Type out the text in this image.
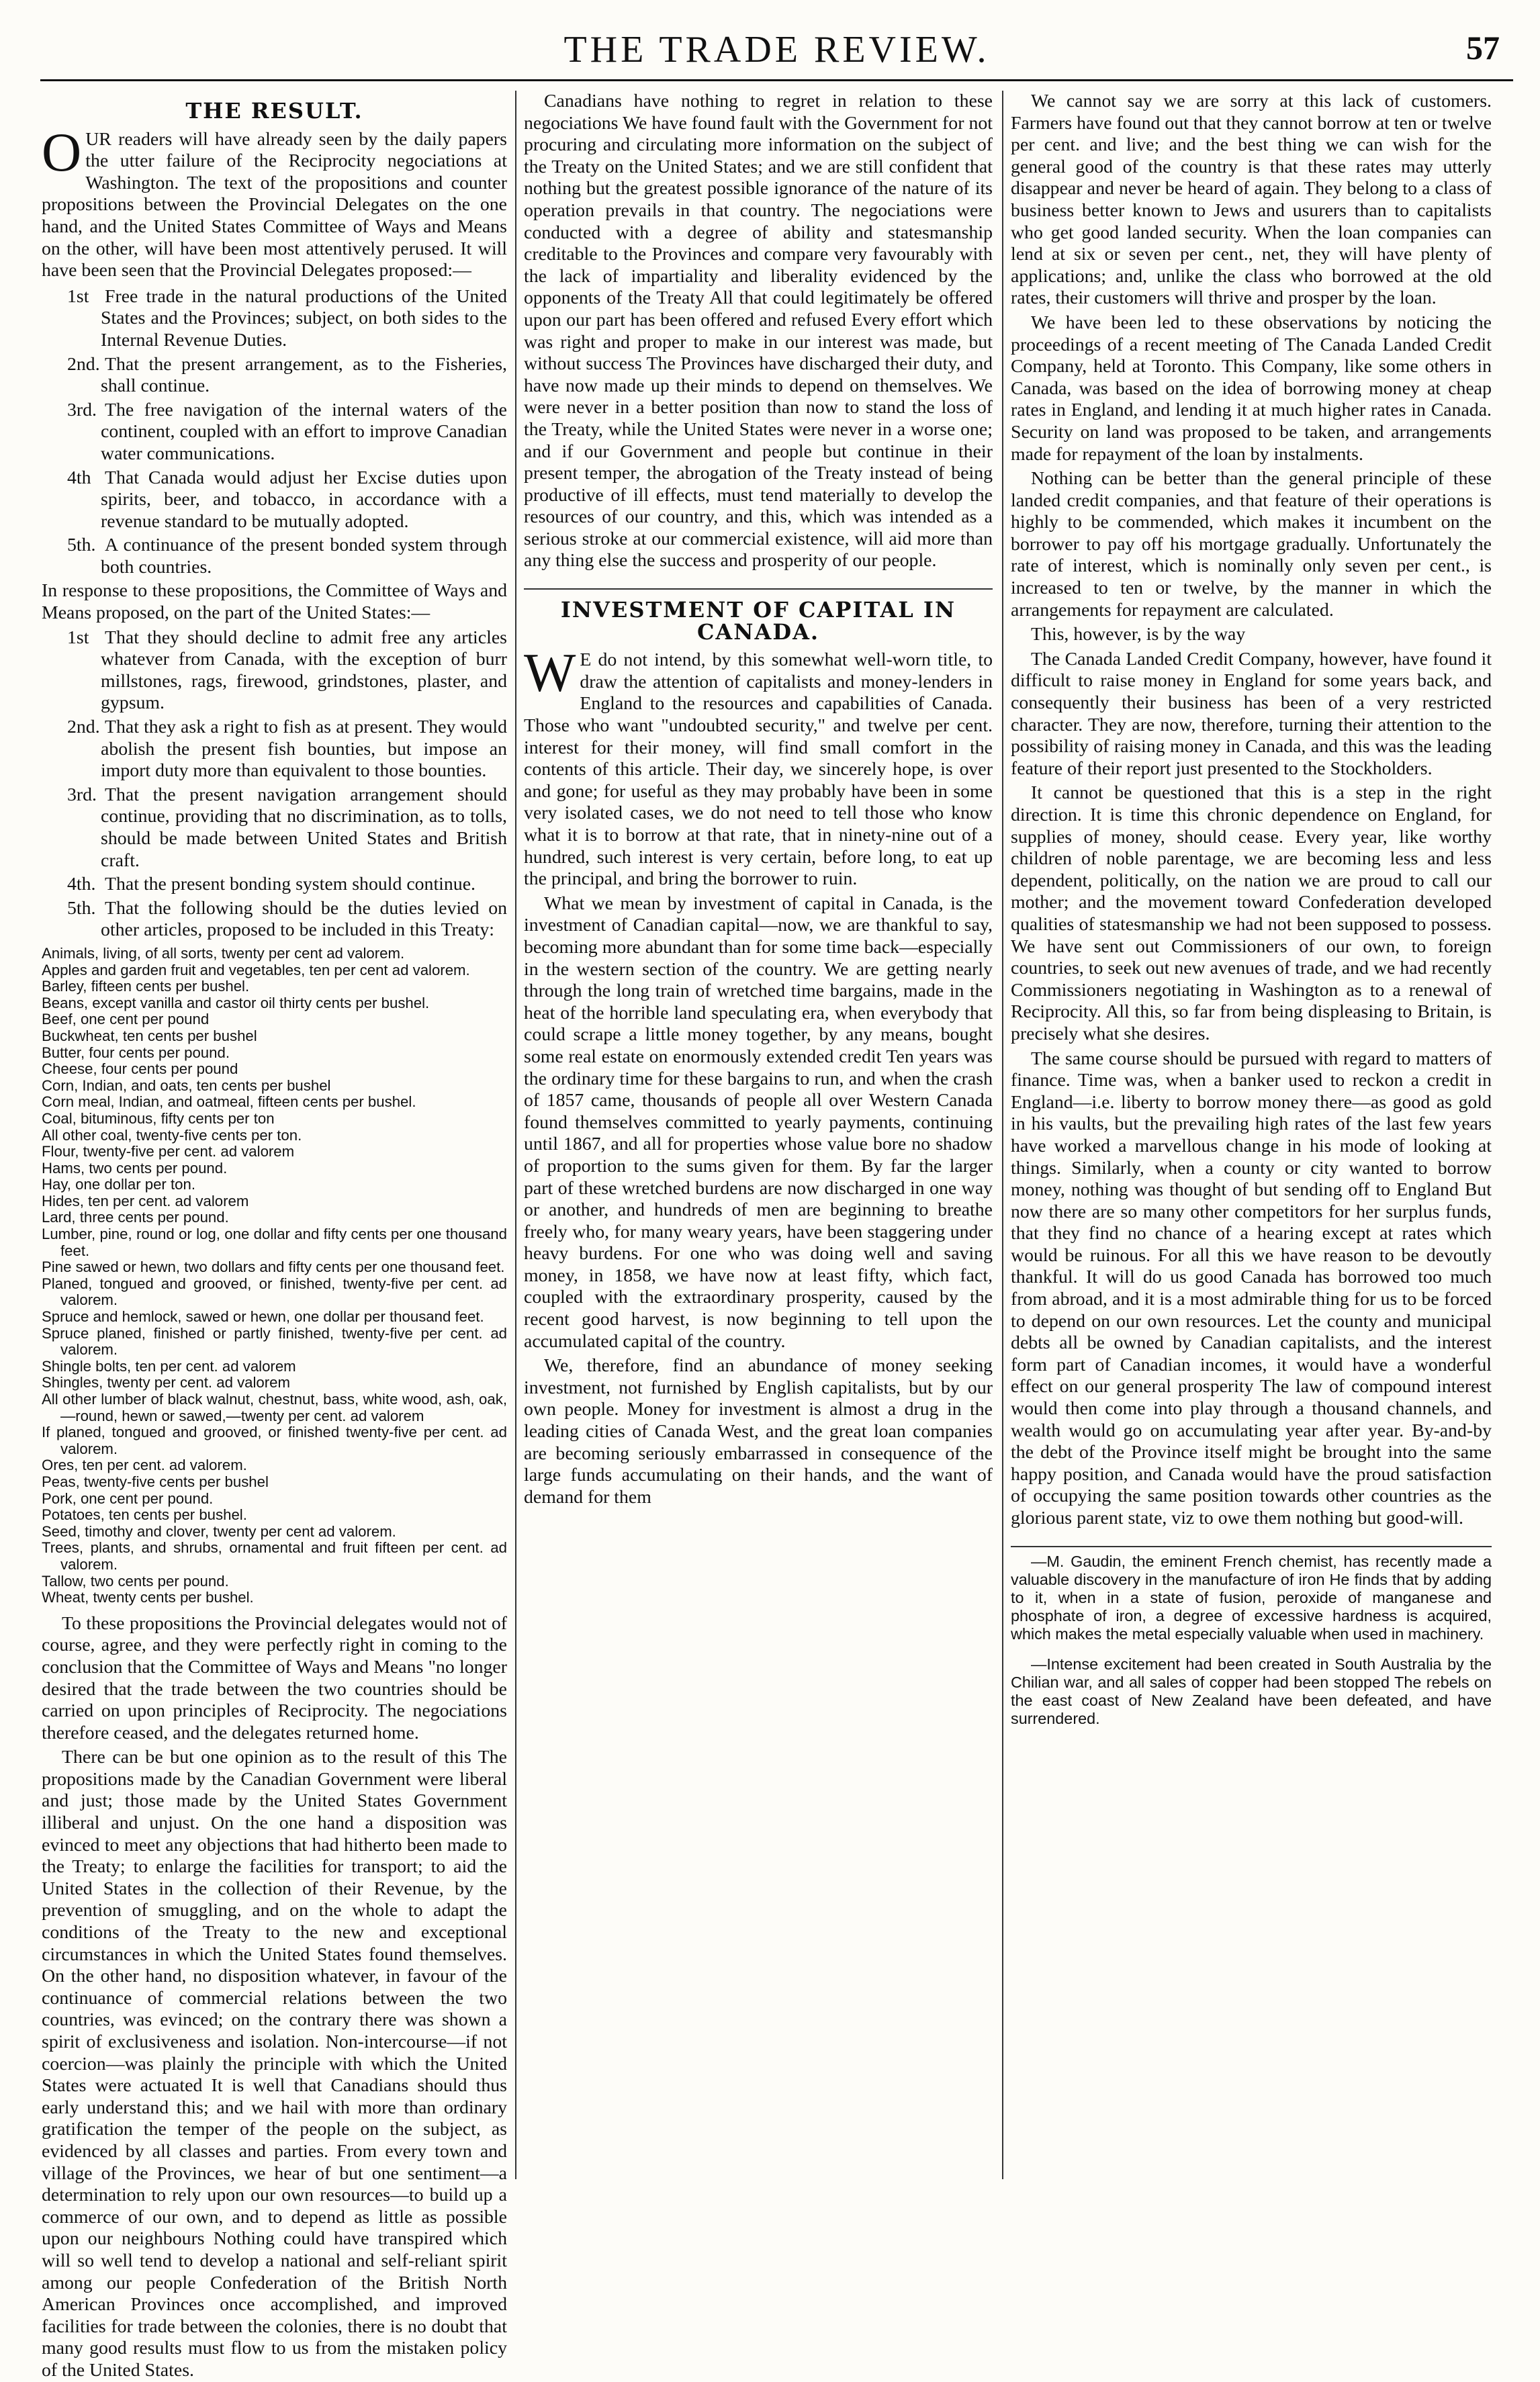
THE TRADE REVIEW.	57
THE RESULT.

OUR readers will have already seen by the daily papers the utter failure of the Reciprocity negociations at Washington. The text of the propositions and counter propositions between the Provincial Delegates on the one hand, and the United States Committee of Ways and Means on the other, will have been most attentively perused. It will have been seen that the Provincial Delegates proposed:—

1st Free trade in the natural productions of the United States and the Provinces; subject, on both sides to the Internal Revenue Duties.

2nd. That the present arrangement, as to the Fisheries, shall continue.

3rd. The free navigation of the internal waters of the continent, coupled with an effort to improve Canadian water communications.

4th That Canada would adjust her Excise duties upon spirits, beer, and tobacco, in accordance with a revenue standard to be mutually adopted.

5th. A continuance of the present bonded system through both countries.

In response to these propositions, the Committee of Ways and Means proposed, on the part of the United States:—

1st That they should decline to admit free any articles whatever from Canada, with the exception of burr millstones, rags, firewood, grindstones, plaster, and gypsum.

2nd. That they ask a right to fish as at present. They would abolish the present fish bounties, but impose an import duty more than equivalent to those bounties.

3rd. That the present navigation arrangement should continue, providing that no discrimination, as to tolls, should be made between United States and British craft.

4th. That the present bonding system should continue.

5th. That the following should be the duties levied on other articles, proposed to be included in this Treaty:

Animals, living, of all sorts, twenty per cent ad valorem.
Apples and garden fruit and vegetables, ten per cent ad valorem.
Barley, fifteen cents per bushel.
Beans, except vanilla and castor oil thirty cents per bushel.
Beef, one cent per pound
Buckwheat, ten cents per bushel
Butter, four cents per pound.
Cheese, four cents per pound
Corn, Indian, and oats, ten cents per bushel
Corn meal, Indian, and oatmeal, fifteen cents per bushel.
Coal, bituminous, fifty cents per ton
All other coal, twenty-five cents per ton.
Flour, twenty-five per cent. ad valorem
Hams, two cents per pound.
Hay, one dollar per ton.
Hides, ten per cent. ad valorem
Lard, three cents per pound.
Lumber, pine, round or log, one dollar and fifty cents per one thousand feet.
Pine sawed or hewn, two dollars and fifty cents per one thousand feet.
Planed, tongued and grooved, or finished, twenty-five per cent. ad valorem.
Spruce and hemlock, sawed or hewn, one dollar per thousand feet.
Spruce planed, finished or partly finished, twenty-five per cent. ad valorem.
Shingle bolts, ten per cent. ad valorem
Shingles, twenty per cent. ad valorem
All other lumber of black walnut, chestnut, bass, white wood, ash, oak,—round, hewn or sawed,—twenty per cent. ad valorem
If planed, tongued and grooved, or finished twenty-five per cent. ad valorem.
Ores, ten per cent. ad valorem.
Peas, twenty-five cents per bushel
Pork, one cent per pound.
Potatoes, ten cents per bushel.
Seed, timothy and clover, twenty per cent ad valorem.
Trees, plants, and shrubs, ornamental and fruit fifteen per cent. ad valorem.
Tallow, two cents per pound.
Wheat, twenty cents per bushel.

To these propositions the Provincial delegates would not of course, agree, and they were perfectly right in coming to the conclusion that the Committee of Ways and Means "no longer desired that the trade between the two countries should be carried on upon principles of Reciprocity. The negociations therefore ceased, and the delegates returned home.

There can be but one opinion as to the result of this The propositions made by the Canadian Government were liberal and just; those made by the United States Government illiberal and unjust. On the one hand a disposition was evinced to meet any objections that had hitherto been made to the Treaty; to enlarge the facilities for transport; to aid the United States in the collection of their Revenue, by the prevention of smuggling, and on the whole to adapt the conditions of the Treaty to the new and exceptional circumstances in which the United States found themselves. On the other hand, no disposition whatever, in favour of the continuance of commercial relations between the two countries, was evinced; on the contrary there was shown a spirit of exclusiveness and isolation. Non-intercourse—if not coercion—was plainly the principle with which the United States were actuated It is well that Canadians should thus early understand this; and we hail with more than ordinary gratification the temper of the people on the subject, as evidenced by all classes and parties. From every town and village of the Provinces, we hear of but one sentiment—a determination to rely upon our own resources—to build up a commerce of our own, and to depend as little as possible upon our neighbours Nothing could have transpired which will so well tend to develop a national and self-reliant spirit among our people Confederation of the British North American Provinces once accomplished, and improved facilities for trade between the colonies, there is no doubt that many good results must flow to us from the mistaken policy of the United States.

Canadians have nothing to regret in relation to these negociations We have found fault with the Government for not procuring and circulating more information on the subject of the Treaty on the United States; and we are still confident that nothing but the greatest possible ignorance of the nature of its operation prevails in that country. The negociations were conducted with a degree of ability and statesmanship creditable to the Provinces and compare very favourably with the lack of impartiality and liberality evidenced by the opponents of the Treaty All that could legitimately be offered upon our part has been offered and refused Every effort which was right and proper to make in our interest was made, but without success The Provinces have discharged their duty, and have now made up their minds to depend on themselves. We were never in a better position than now to stand the loss of the Treaty, while the United States were never in a worse one; and if our Government and people but continue in their present temper, the abrogation of the Treaty instead of being productive of ill effects, must tend materially to develop the resources of our country, and this, which was intended as a serious stroke at our commercial existence, will aid more than any thing else the success and prosperity of our people.

INVESTMENT OF CAPITAL IN CANADA.

WE do not intend, by this somewhat well-worn title, to draw the attention of capitalists and money-lenders in England to the resources and capabilities of Canada. Those who want "undoubted security," and twelve per cent. interest for their money, will find small comfort in the contents of this article. Their day, we sincerely hope, is over and gone; for useful as they may probably have been in some very isolated cases, we do not need to tell those who know what it is to borrow at that rate, that in ninety-nine out of a hundred, such interest is very certain, before long, to eat up the principal, and bring the borrower to ruin.

What we mean by investment of capital in Canada, is the investment of Canadian capital—now, we are thankful to say, becoming more abundant than for some time back—especially in the western section of the country. We are getting nearly through the long train of wretched time bargains, made in the heat of the horrible land speculating era, when everybody that could scrape a little money together, by any means, bought some real estate on enormously extended credit Ten years was the ordinary time for these bargains to run, and when the crash of 1857 came, thousands of people all over Western Canada found themselves committed to yearly payments, continuing until 1867, and all for properties whose value bore no shadow of proportion to the sums given for them. By far the larger part of these wretched burdens are now discharged in one way or another, and hundreds of men are beginning to breathe freely who, for many weary years, have been staggering under heavy burdens. For one who was doing well and saving money, in 1858, we have now at least fifty, which fact, coupled with the extraordinary prosperity, caused by the recent good harvest, is now beginning to tell upon the accumulated capital of the country.

We, therefore, find an abundance of money seeking investment, not furnished by English capitalists, but by our own people. Money for investment is almost a drug in the leading cities of Canada West, and the great loan companies are becoming seriously embarrassed in consequence of the large funds accumulating on their hands, and the want of demand for them

We cannot say we are sorry at this lack of customers. Farmers have found out that they cannot borrow at ten or twelve per cent. and live; and the best thing we can wish for the general good of the country is that these rates may utterly disappear and never be heard of again. They belong to a class of business better known to Jews and usurers than to capitalists who get good landed security. When the loan companies can lend at six or seven per cent., net, they will have plenty of applications; and, unlike the class who borrowed at the old rates, their customers will thrive and prosper by the loan.

We have been led to these observations by noticing the proceedings of a recent meeting of The Canada Landed Credit Company, held at Toronto. This Company, like some others in Canada, was based on the idea of borrowing money at cheap rates in England, and lending it at much higher rates in Canada. Security on land was proposed to be taken, and arrangements made for repayment of the loan by instalments.

Nothing can be better than the general principle of these landed credit companies, and that feature of their operations is highly to be commended, which makes it incumbent on the borrower to pay off his mortgage gradually. Unfortunately the rate of interest, which is nominally only seven per cent., is increased to ten or twelve, by the manner in which the arrangements for repayment are calculated.

This, however, is by the way

The Canada Landed Credit Company, however, have found it difficult to raise money in England for some years back, and consequently their business has been of a very restricted character. They are now, therefore, turning their attention to the possibility of raising money in Canada, and this was the leading feature of their report just presented to the Stockholders.

It cannot be questioned that this is a step in the right direction. It is time this chronic dependence on England, for supplies of money, should cease. Every year, like worthy children of noble parentage, we are becoming less and less dependent, politically, on the nation we are proud to call our mother; and the movement toward Confederation developed qualities of statesmanship we had not been supposed to possess. We have sent out Commissioners of our own, to foreign countries, to seek out new avenues of trade, and we had recently Commissioners negotiating in Washington as to a renewal of Reciprocity. All this, so far from being displeasing to Britain, is precisely what she desires.

The same course should be pursued with regard to matters of finance. Time was, when a banker used to reckon a credit in England—i.e. liberty to borrow money there—as good as gold in his vaults, but the prevailing high rates of the last few years have worked a marvellous change in his mode of looking at things. Similarly, when a county or city wanted to borrow money, nothing was thought of but sending off to England But now there are so many other competitors for her surplus funds, that they find no chance of a hearing except at rates which would be ruinous. For all this we have reason to be devoutly thankful. It will do us good Canada has borrowed too much from abroad, and it is a most admirable thing for us to be forced to depend on our own resources. Let the county and municipal debts all be owned by Canadian capitalists, and the interest form part of Canadian incomes, it would have a wonderful effect on our general prosperity The law of compound interest would then come into play through a thousand channels, and wealth would go on accumulating year after year. By-and-by the debt of the Province itself might be brought into the same happy position, and Canada would have the proud satisfaction of occupying the same position towards other countries as the glorious parent state, viz to owe them nothing but good-will.

—M. Gaudin, the eminent French chemist, has recently made a valuable discovery in the manufacture of iron He finds that by adding to it, when in a state of fusion, peroxide of manganese and phosphate of iron, a degree of excessive hardness is acquired, which makes the metal especially valuable when used in machinery.

—Intense excitement had been created in South Australia by the Chilian war, and all sales of copper had been stopped The rebels on the east coast of New Zealand have been defeated, and have surrendered.
